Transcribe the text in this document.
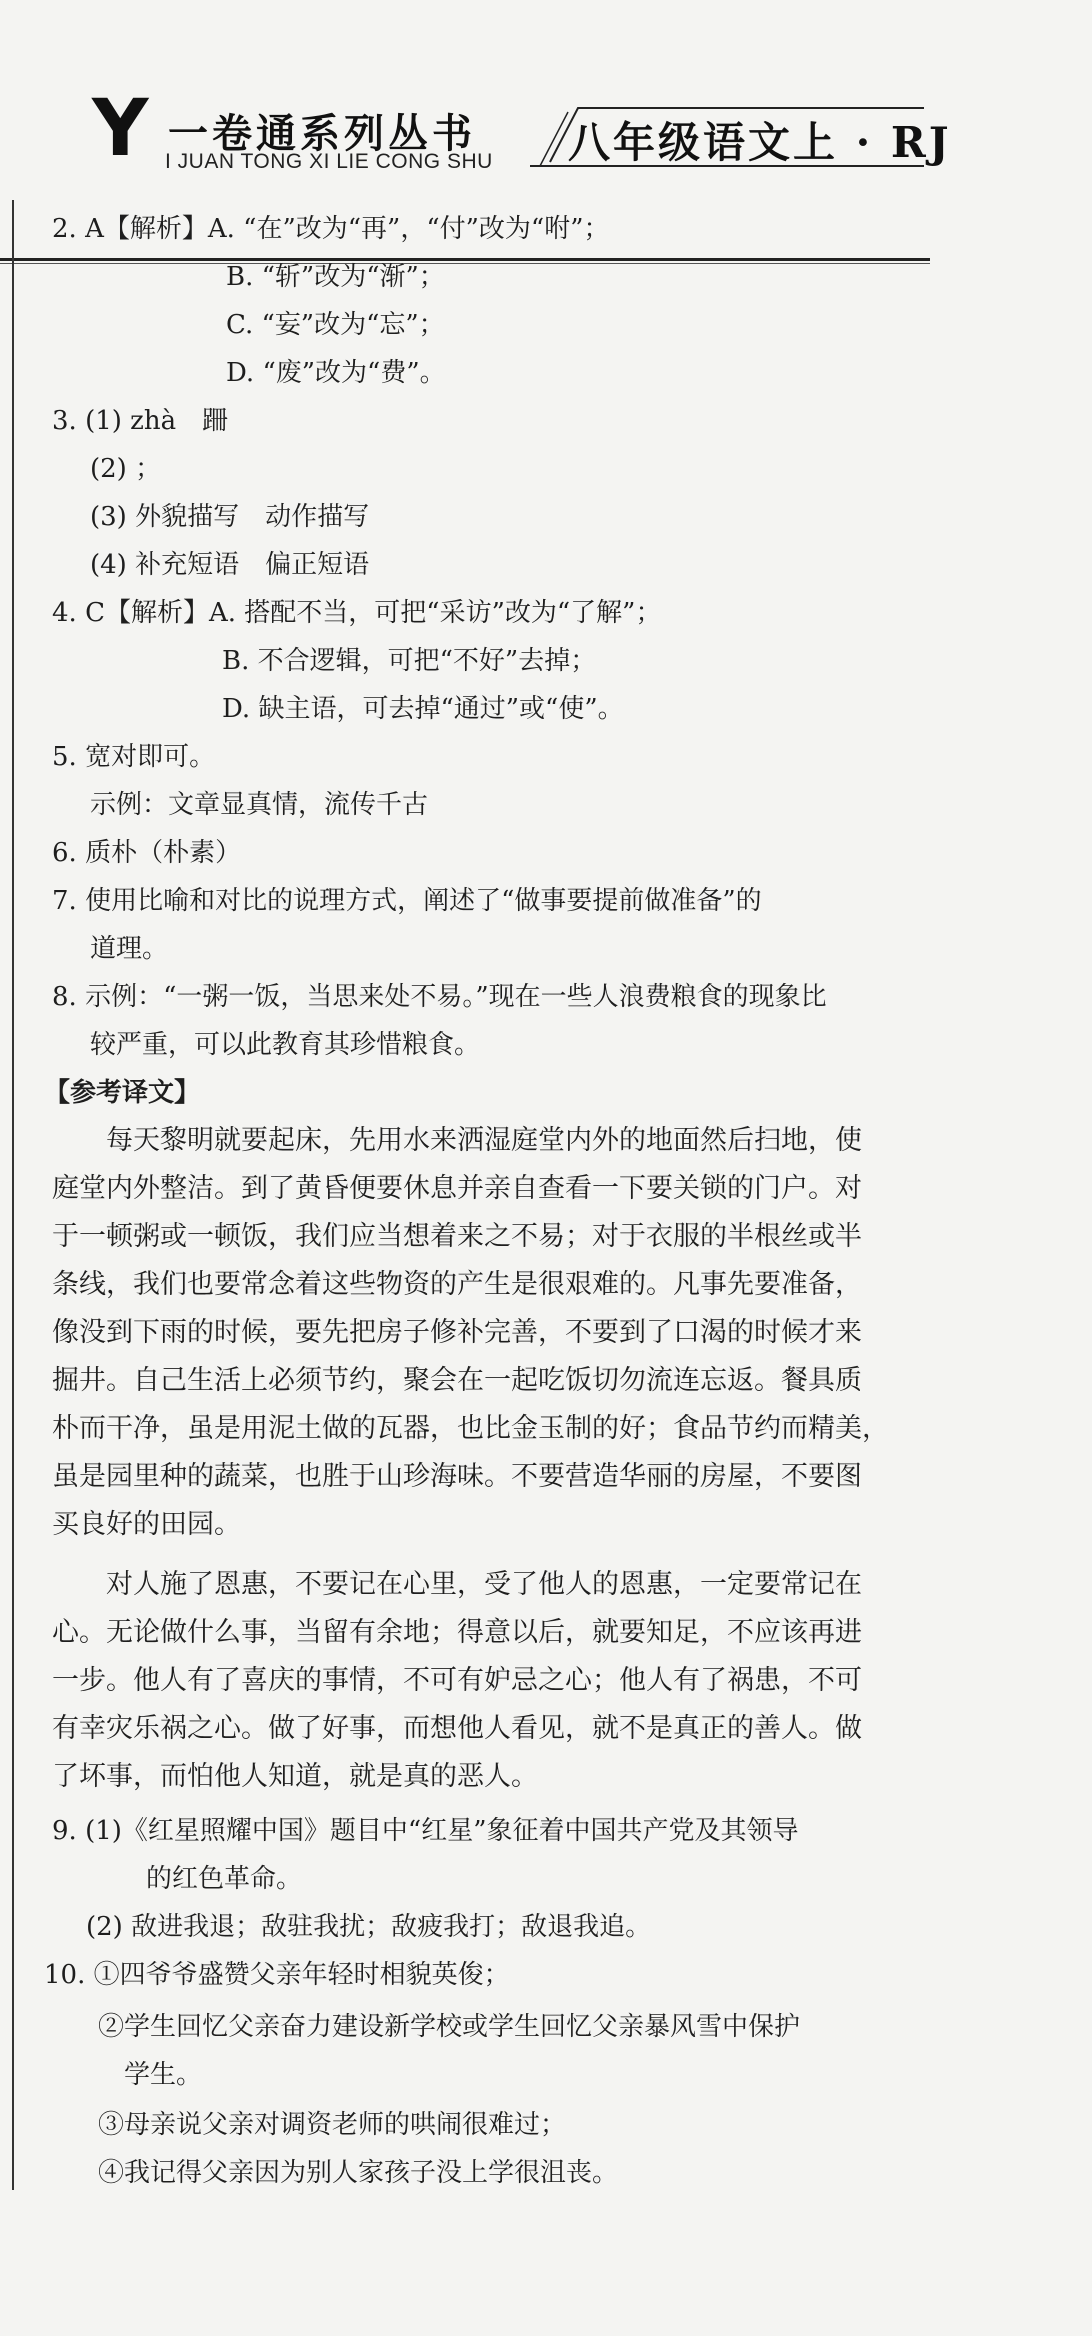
Y 一卷通系列丛书
I JUAN TONG XI LIE CONG SHU 八年级语文上 · RJ
2. A【解析】A. “在”改为“再”，“付”改为“咐”；
B. “斩”改为“渐”；
C. “妄”改为“忘”；
D. “废”改为“费”。
3. (1) zhà　跚
(2) ；
(3) 外貌描写　动作描写
(4) 补充短语　偏正短语
4. C【解析】A. 搭配不当，可把“采访”改为“了解”；
B. 不合逻辑，可把“不好”去掉；
D. 缺主语，可去掉“通过”或“使”。
5. 宽对即可。
示例：文章显真情，流传千古
6. 质朴（朴素）
7. 使用比喻和对比的说理方式，阐述了“做事要提前做准备”的
道理。
8. 示例：“一粥一饭，当思来处不易。”现在一些人浪费粮食的现象比
较严重，可以此教育其珍惜粮食。
【参考译文】
每天黎明就要起床，先用水来洒湿庭堂内外的地面然后扫地，使
庭堂内外整洁。到了黄昏便要休息并亲自查看一下要关锁的门户。对
于一顿粥或一顿饭，我们应当想着来之不易；对于衣服的半根丝或半
条线，我们也要常念着这些物资的产生是很艰难的。凡事先要准备，
像没到下雨的时候，要先把房子修补完善，不要到了口渴的时候才来
掘井。自己生活上必须节约，聚会在一起吃饭切勿流连忘返。餐具质
朴而干净，虽是用泥土做的瓦器，也比金玉制的好；食品节约而精美，
虽是园里种的蔬菜，也胜于山珍海味。不要营造华丽的房屋，不要图
买良好的田园。
对人施了恩惠，不要记在心里，受了他人的恩惠，一定要常记在
心。无论做什么事，当留有余地；得意以后，就要知足，不应该再进
一步。他人有了喜庆的事情，不可有妒忌之心；他人有了祸患，不可
有幸灾乐祸之心。做了好事，而想他人看见，就不是真正的善人。做
了坏事，而怕他人知道，就是真的恶人。
9. (1)《红星照耀中国》题目中“红星”象征着中国共产党及其领导
的红色革命。
(2) 敌进我退；敌驻我扰；敌疲我打；敌退我追。
10. ①四爷爷盛赞父亲年轻时相貌英俊；
②学生回忆父亲奋力建设新学校或学生回忆父亲暴风雪中保护
学生。
③母亲说父亲对调资老师的哄闹很难过；
④我记得父亲因为别人家孩子没上学很沮丧。
